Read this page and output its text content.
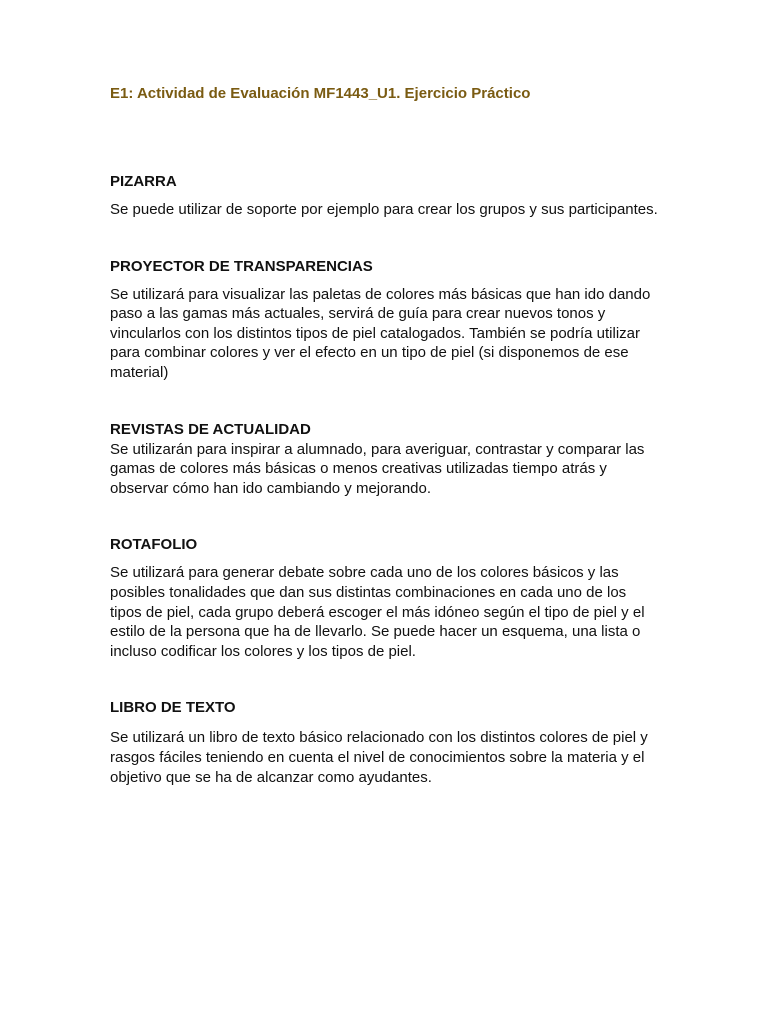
E1: Actividad de Evaluación MF1443_U1. Ejercicio Práctico
PIZARRA

Se puede utilizar de soporte por ejemplo para crear los grupos y sus participantes.

PROYECTOR DE TRANSPARENCIAS

Se utilizará para visualizar las paletas de colores más básicas que han ido dando paso a las gamas más actuales, servirá de guía para crear nuevos tonos y vincularlos con los distintos tipos de piel catalogados. También se podría utilizar para combinar colores y ver el efecto en un tipo de piel (si disponemos de ese material)

REVISTAS DE ACTUALIDAD

Se utilizarán para inspirar a alumnado, para averiguar, contrastar y comparar las gamas de colores más básicas o menos creativas utilizadas tiempo atrás y observar cómo han ido cambiando y mejorando.

ROTAFOLIO

Se utilizará para generar debate sobre cada uno de los colores básicos y las posibles tonalidades que dan sus distintas combinaciones en cada uno de los tipos de piel, cada grupo deberá escoger el más idóneo según el tipo de piel y el estilo de la persona que ha de llevarlo. Se puede hacer un esquema, una lista o incluso codificar los colores y los tipos de piel.

LIBRO DE TEXTO

Se utilizará un libro de texto básico relacionado con los distintos colores de piel y rasgos fáciles teniendo en cuenta el nivel de conocimientos sobre la materia y el objetivo que se ha de alcanzar como ayudantes.
